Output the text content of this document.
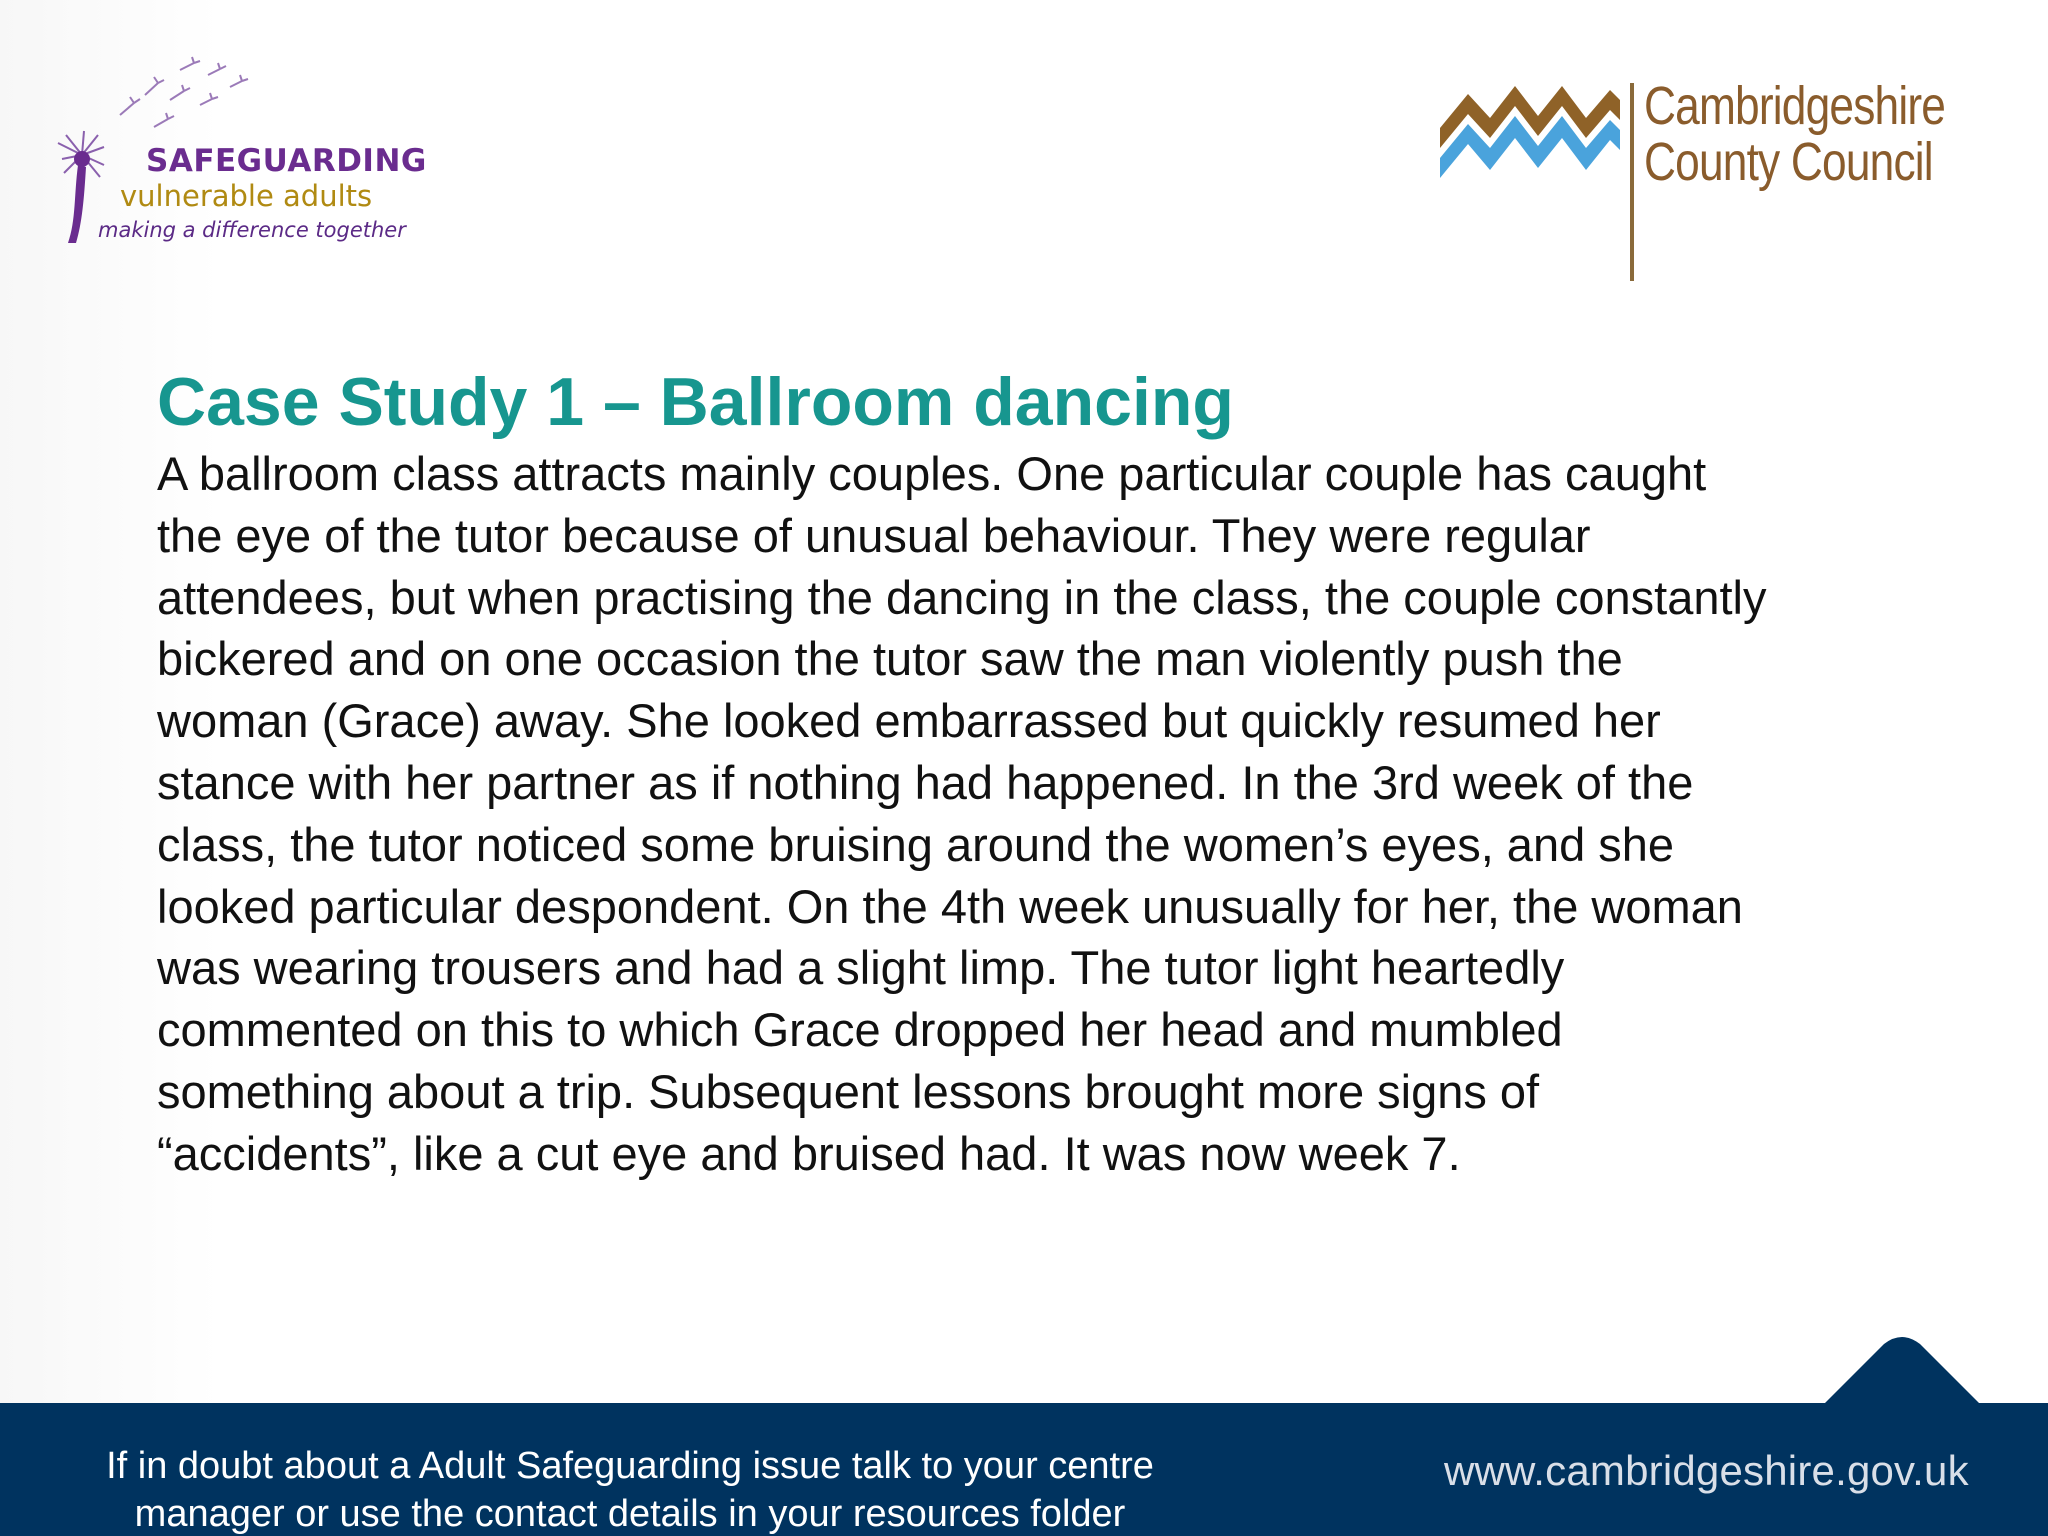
SAFEGUARDING
vulnerable adults
making a difference together
Cambridgeshire
County Council
Case Study 1 – Ballroom dancing
A ballroom class attracts mainly couples. One particular couple has caught
the eye of the tutor because of unusual behaviour. They were regular
attendees, but when practising the dancing in the class, the couple constantly
bickered and on one occasion the tutor saw the man violently push the
woman (Grace) away. She looked embarrassed but quickly resumed her
stance with her partner as if nothing had happened. In the 3rd week of the
class, the tutor noticed some bruising around the women’s eyes, and she
looked particular despondent. On the 4th week unusually for her, the woman
was wearing trousers and had a slight limp. The tutor light heartedly
commented on this to which Grace dropped her head and mumbled
something about a trip. Subsequent lessons brought more signs of
“accidents”, like a cut eye and bruised had. It was now week 7.
If in doubt about a Adult Safeguarding issue talk to your centre
manager or use the contact details in your resources folder
www.cambridgeshire.gov.uk
